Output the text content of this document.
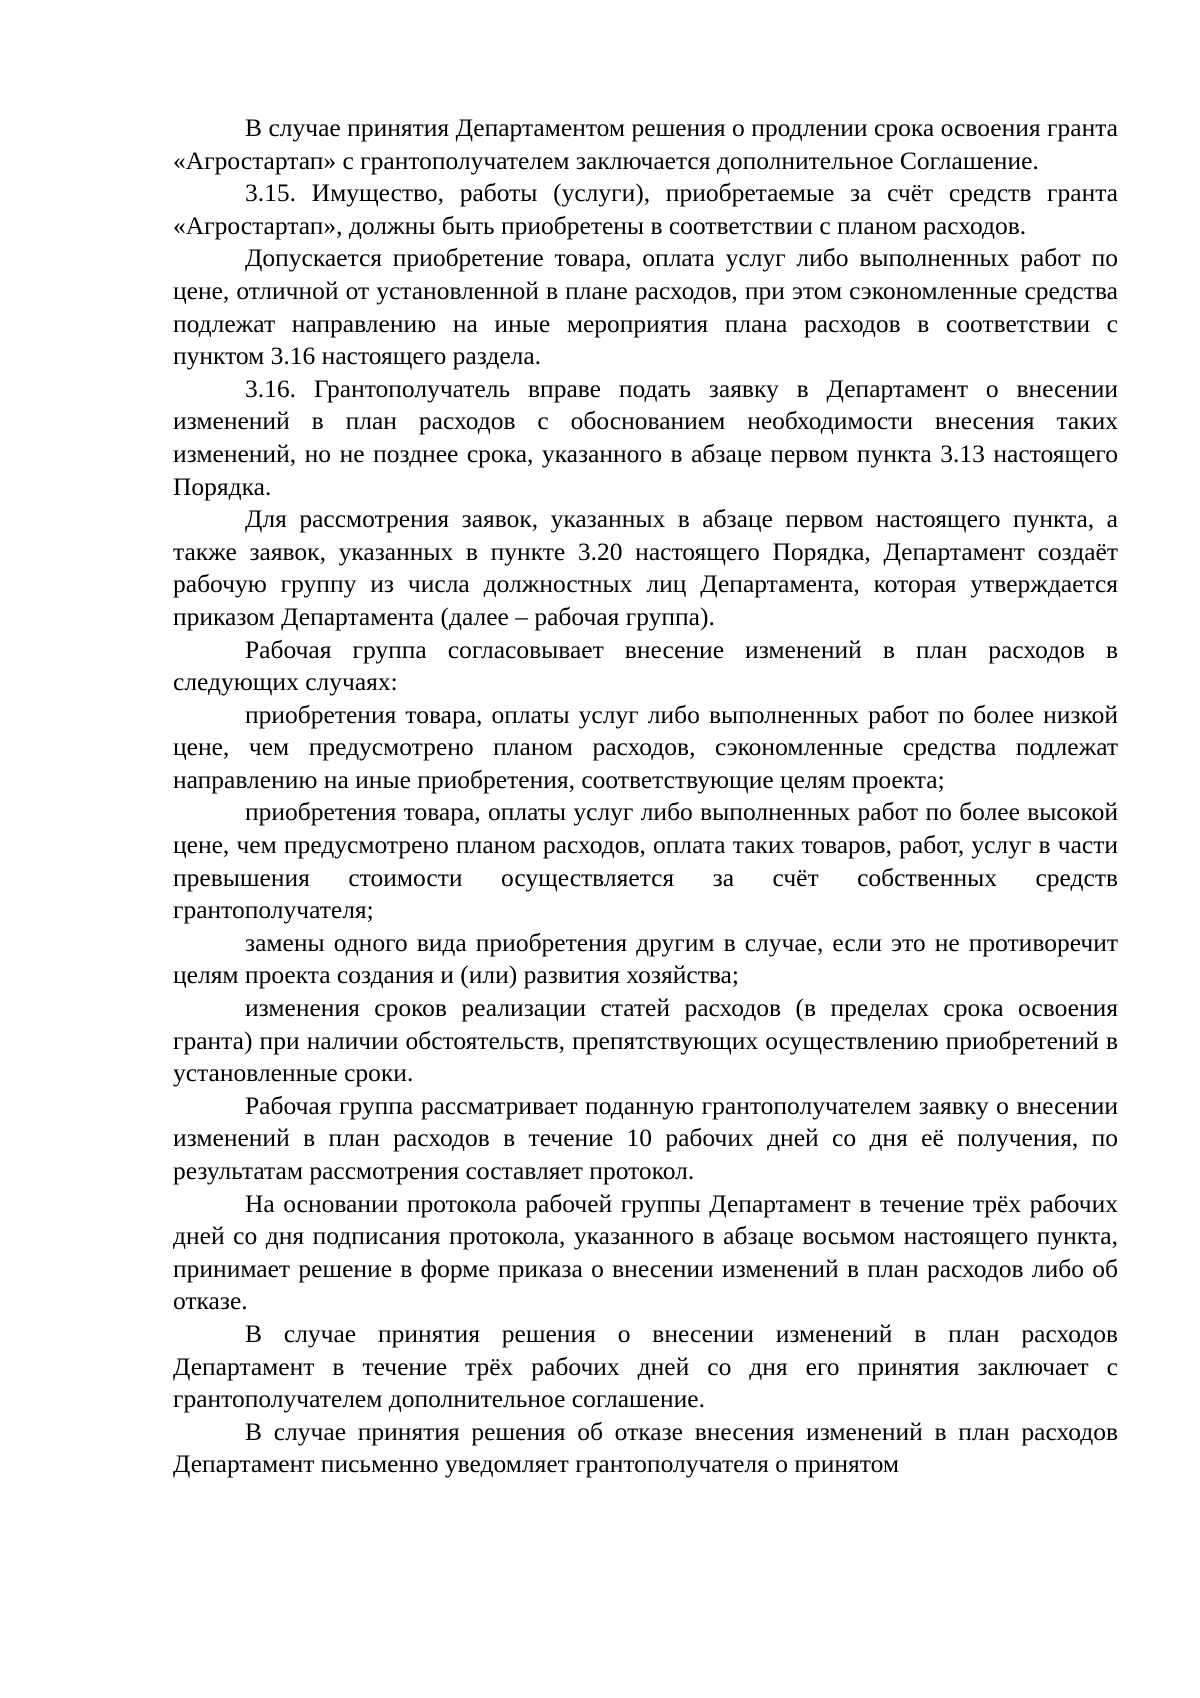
В случае принятия Департаментом решения о продлении срока освоения гранта «Агростартап» с грантополучателем заключается дополнительное Соглашение.

3.15. Имущество, работы (услуги), приобретаемые за счёт средств гранта «Агростартап», должны быть приобретены в соответствии с планом расходов.

Допускается приобретение товара, оплата услуг либо выполненных работ по цене, отличной от установленной в плане расходов, при этом сэкономленные средства подлежат направлению на иные мероприятия плана расходов в соответствии с пунктом 3.16 настоящего раздела.

3.16. Грантополучатель вправе подать заявку в Департамент о внесении изменений в план расходов с обоснованием необходимости внесения таких изменений, но не позднее срока, указанного в абзаце первом пункта 3.13 настоящего Порядка.

Для рассмотрения заявок, указанных в абзаце первом настоящего пункта, а также заявок, указанных в пункте 3.20 настоящего Порядка, Департамент создаёт рабочую группу из числа должностных лиц Департамента, которая утверждается приказом Департамента (далее – рабочая группа).

Рабочая группа согласовывает внесение изменений в план расходов в следующих случаях:

приобретения товара, оплаты услуг либо выполненных работ по более низкой цене, чем предусмотрено планом расходов, сэкономленные средства подлежат направлению на иные приобретения, соответствующие целям проекта;

приобретения товара, оплаты услуг либо выполненных работ по более высокой цене, чем предусмотрено планом расходов, оплата таких товаров, работ, услуг в части превышения стоимости осуществляется за счёт собственных средств грантополучателя;

замены одного вида приобретения другим в случае, если это не противоречит целям проекта создания и (или) развития хозяйства;

изменения сроков реализации статей расходов (в пределах срока освоения гранта) при наличии обстоятельств, препятствующих осуществлению приобретений в установленные сроки.

Рабочая группа рассматривает поданную грантополучателем заявку о внесении изменений в план расходов в течение 10 рабочих дней со дня её получения, по результатам рассмотрения составляет протокол.

На основании протокола рабочей группы Департамент в течение трёх рабочих дней со дня подписания протокола, указанного в абзаце восьмом настоящего пункта, принимает решение в форме приказа о внесении изменений в план расходов либо об отказе.

В случае принятия решения о внесении изменений в план расходов Департамент в течение трёх рабочих дней со дня его принятия заключает с грантополучателем дополнительное соглашение.

В случае принятия решения об отказе внесения изменений в план расходов Департамент письменно уведомляет грантополучателя о принятом
